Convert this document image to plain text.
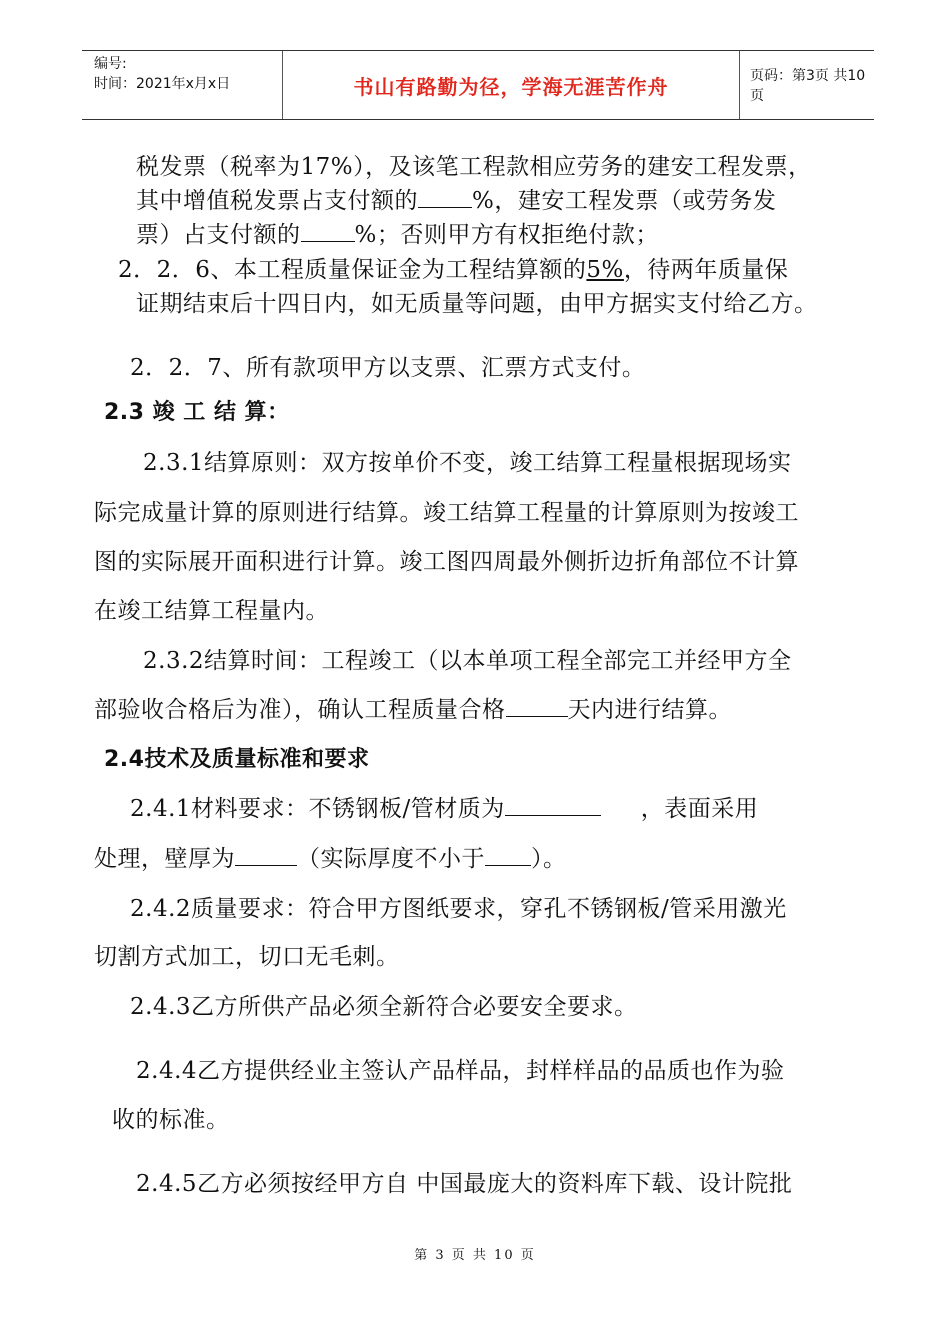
编号:
时间：2021年x月x日	书山有路勤为径，学海无涯苦作舟	页码：第3页 共10页
税发票（税率为17%），及该笔工程款相应劳务的建安工程发票，
其中增值税发票占支付额的 %，建安工程发票（或劳务发
票）占支付额的 %；否则甲方有权拒绝付款；
2．2．6、本工程质量保证金为工程结算额的5%，待两年质量保
证期结束后十四日内，如无质量等问题，由甲方据实支付给乙方。
2．2．7、所有款项甲方以支票、汇票方式支付。
2.3 竣 工 结 算：
2.3.1结算原则：双方按单价不变，竣工结算工程量根据现场实
际完成量计算的原则进行结算。竣工结算工程量的计算原则为按竣工
图的实际展开面积进行计算。竣工图四周最外侧折边折角部位不计算
在竣工结算工程量内。
2.3.2结算时间：工程竣工（以本单项工程全部完工并经甲方全
部验收合格后为准），确认工程质量合格	天内进行结算。
2.4技术及质量标准和要求
2.4.1材料要求：不锈钢板/管材质为	，表面采用
处理，壁厚为	（实际厚度不小于 ）。
2.4.2质量要求：符合甲方图纸要求，穿孔不锈钢板/管采用激光
切割方式加工，切口无毛刺。
2.4.3乙方所供产品必须全新符合必要安全要求。
2.4.4乙方提供经业主签认产品样品，封样样品的品质也作为验
收的标准。
2.4.5乙方必须按经甲方自 中国最庞大的资料库下载、设计院批
第 3 页 共 10 页
